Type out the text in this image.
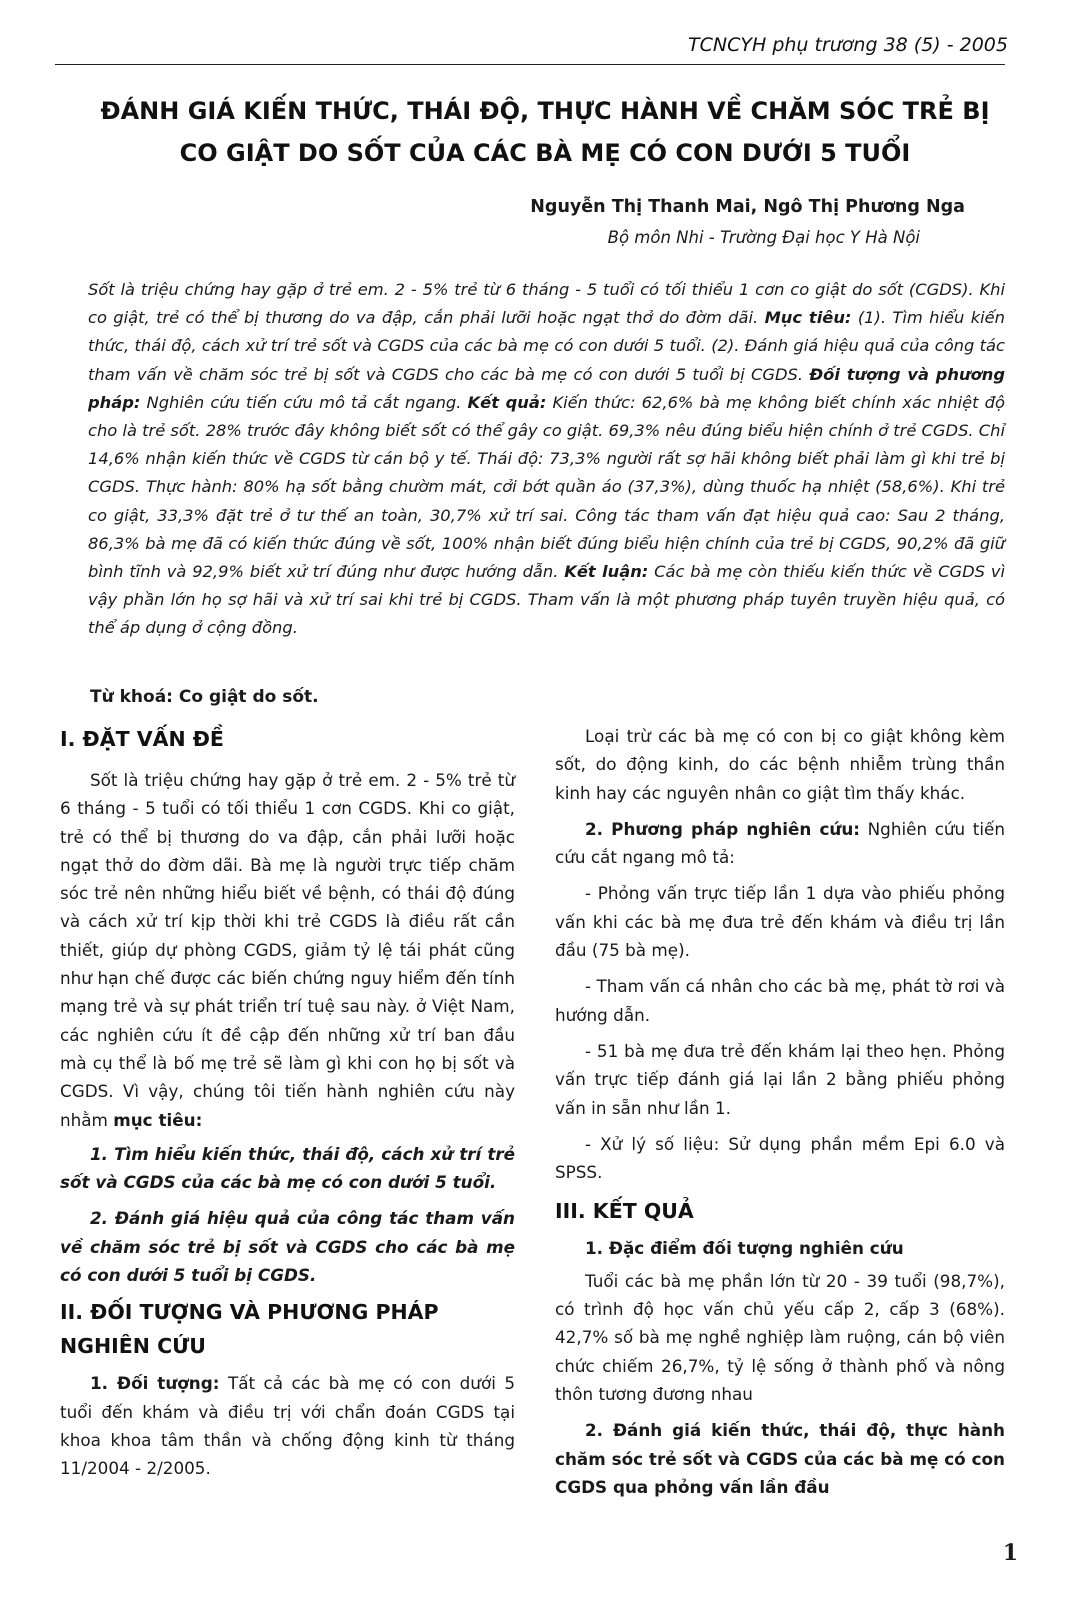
TCNCYH phụ trương 38 (5) - 2005
ĐÁNH GIÁ KIẾN THỨC, THÁI ĐỘ, THỰC HÀNH VỀ CHĂM SÓC TRẺ BỊ
CO GIẬT DO SỐT CỦA CÁC BÀ MẸ CÓ CON DƯỚI 5 TUỔI
Nguyễn Thị Thanh Mai, Ngô Thị Phương Nga
Bộ môn Nhi - Trường Đại học Y Hà Nội

Sốt là triệu chứng hay gặp ở trẻ em. 2 - 5% trẻ từ 6 tháng - 5 tuổi có tối thiểu 1 cơn co giật do sốt (CGDS). Khi co giật, trẻ có thể bị thương do va đập, cắn phải lưỡi hoặc ngạt thở do đờm dãi. Mục tiêu: (1). Tìm hiểu kiến thức, thái độ, cách xử trí trẻ sốt và CGDS của các bà mẹ có con dưới 5 tuổi. (2). Đánh giá hiệu quả của công tác tham vấn về chăm sóc trẻ bị sốt và CGDS cho các bà mẹ có con dưới 5 tuổi bị CGDS. Đối tượng và phương pháp: Nghiên cứu tiến cứu mô tả cắt ngang. Kết quả: Kiến thức: 62,6% bà mẹ không biết chính xác nhiệt độ cho là trẻ sốt. 28% trước đây không biết sốt có thể gây co giật. 69,3% nêu đúng biểu hiện chính ở trẻ CGDS. Chỉ 14,6% nhận kiến thức về CGDS từ cán bộ y tế. Thái độ: 73,3% người rất sợ hãi không biết phải làm gì khi trẻ bị CGDS. Thực hành: 80% hạ sốt bằng chườm mát, cởi bớt quần áo (37,3%), dùng thuốc hạ nhiệt (58,6%). Khi trẻ co giật, 33,3% đặt trẻ ở tư thế an toàn, 30,7% xử trí sai. Công tác tham vấn đạt hiệu quả cao: Sau 2 tháng, 86,3% bà mẹ đã có kiến thức đúng về sốt, 100% nhận biết đúng biểu hiện chính của trẻ bị CGDS, 90,2% đã giữ bình tĩnh và 92,9% biết xử trí đúng như được hướng dẫn. Kết luận: Các bà mẹ còn thiếu kiến thức về CGDS vì vậy phần lớn họ sợ hãi và xử trí sai khi trẻ bị CGDS. Tham vấn là một phương pháp tuyên truyền hiệu quả, có thể áp dụng ở cộng đồng.

Từ khoá: Co giật do sốt.
I. ĐẶT VẤN ĐỀ

Sốt là triệu chứng hay gặp ở trẻ em. 2 - 5% trẻ từ 6 tháng - 5 tuổi có tối thiểu 1 cơn CGDS. Khi co giật, trẻ có thể bị thương do va đập, cắn phải lưỡi hoặc ngạt thở do đờm dãi. Bà mẹ là người trực tiếp chăm sóc trẻ nên những hiểu biết về bệnh, có thái độ đúng và cách xử trí kịp thời khi trẻ CGDS là điều rất cần thiết, giúp dự phòng CGDS, giảm tỷ lệ tái phát cũng như hạn chế được các biến chứng nguy hiểm đến tính mạng trẻ và sự phát triển trí tuệ sau này. ở Việt Nam, các nghiên cứu ít đề cập đến những xử trí ban đầu mà cụ thể là bố mẹ trẻ sẽ làm gì khi con họ bị sốt và CGDS. Vì vậy, chúng tôi tiến hành nghiên cứu này nhằm mục tiêu:

1. Tìm hiểu kiến thức, thái độ, cách xử trí trẻ sốt và CGDS của các bà mẹ có con dưới 5 tuổi.

2. Đánh giá hiệu quả của công tác tham vấn về chăm sóc trẻ bị sốt và CGDS cho các bà mẹ có con dưới 5 tuổi bị CGDS.

II. ĐỐI TƯỢNG VÀ PHƯƠNG PHÁP NGHIÊN CỨU

1. Đối tượng: Tất cả các bà mẹ có con dưới 5 tuổi đến khám và điều trị với chẩn đoán CGDS tại khoa khoa tâm thần và chống động kinh từ tháng 11/2004 - 2/2005.

Loại trừ các bà mẹ có con bị co giật không kèm sốt, do động kinh, do các bệnh nhiễm trùng thần kinh hay các nguyên nhân co giật tìm thấy khác.

2. Phương pháp nghiên cứu: Nghiên cứu tiến cứu cắt ngang mô tả:

- Phỏng vấn trực tiếp lần 1 dựa vào phiếu phỏng vấn khi các bà mẹ đưa trẻ đến khám và điều trị lần đầu (75 bà mẹ).

- Tham vấn cá nhân cho các bà mẹ, phát tờ rơi và hướng dẫn.

- 51 bà mẹ đưa trẻ đến khám lại theo hẹn. Phỏng vấn trực tiếp đánh giá lại lần 2 bằng phiếu phỏng vấn in sẵn như lần 1.

- Xử lý số liệu: Sử dụng phần mềm Epi 6.0 và SPSS.

III. KẾT QUẢ

1. Đặc điểm đối tượng nghiên cứu

Tuổi các bà mẹ phần lớn từ 20 - 39 tuổi (98,7%), có trình độ học vấn chủ yếu cấp 2, cấp 3 (68%). 42,7% số bà mẹ nghề nghiệp làm ruộng, cán bộ viên chức chiếm 26,7%, tỷ lệ sống ở thành phố và nông thôn tương đương nhau

2. Đánh giá kiến thức, thái độ, thực hành chăm sóc trẻ sốt và CGDS của các bà mẹ có con CGDS qua phỏng vấn lần đầu

1
